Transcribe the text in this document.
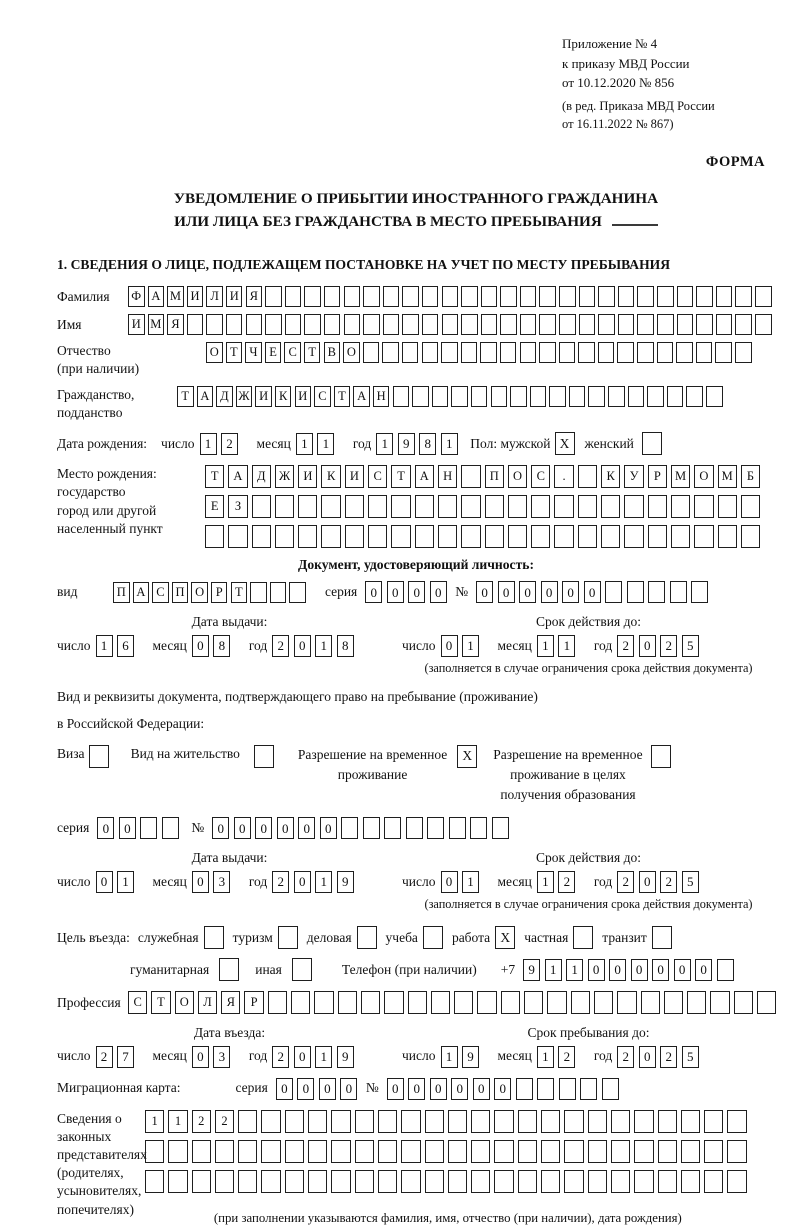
Приложение № 4
к приказу МВД России
от 10.12.2020 № 856
(в ред. Приказа МВД России
от 16.11.2022 № 867)
ФОРМА
УВЕДОМЛЕНИЕ О ПРИБЫТИИ ИНОСТРАННОГО ГРАЖДАНИНА
ИЛИ ЛИЦА БЕЗ ГРАЖДАНСТВА В МЕСТО ПРЕБЫВАНИЯ
1. СВЕДЕНИЯ О ЛИЦЕ, ПОДЛЕЖАЩЕМ ПОСТАНОВКЕ НА УЧЕТ ПО МЕСТУ ПРЕБЫВАНИЯ
Фамилия	Ф А М И Л И Я
Имя	И М Я
Отчество
(при наличии)
О Т Ч Е С Т В О
Гражданство,
подданство
Т А Д Ж И К И С Т А Н
Дата рождения: число 1	2	месяц 1	1	год 1	9	8	1	Пол: мужской X	женский
Место рождения:
государство
город или другой
населенный пункт
Т	А	Д	Ж	И	К	И	С	Т	А	Н	П	О	С	.	К	У	Р	М	О	М	Б
Е	З
Документ, удостоверяющий личность:
вид	П А С П О Р Т	серия	0	0	0	0	№	0	0	0	0	0	0
Дата выдачи:
число 1	6	месяц 0	8	год 2	0	1	8
Срок действия до:
число 0	1	месяц 1	1	год 2	0	2	5
(заполняется в случае ограничения срока действия документа)
Вид и реквизиты документа, подтверждающего право на пребывание (проживание)
в Российской Федерации:
Виза	Вид на жительство	Разрешение на временное
проживание
X	Разрешение на временное
проживание в целях
получения образования
серия	0	0	№	0	0	0	0	0	0
Дата выдачи:
число 0	1	месяц 0	3	год 2	0	1	9
Срок действия до:
число 0	1	месяц 1	2	год 2	0	2	5
(заполняется в случае ограничения срока действия документа)
Цель въезда: служебная	туризм	деловая	учеба	работа X	частная	транзит
гуманитарная	иная	Телефон (при наличии) +7	9	1	1	0	0	0	0	0	0
Профессия	С	Т	О	Л	Я	Р
Дата въезда:
число 2	7	месяц 0	3	год 2	0	1	9
Срок пребывания до:
число 1	9	месяц 1	2	год 2	0	2	5
Миграционная карта:	серия	0	0	0	0	№	0	0	0	0	0	0
Сведения о
законных
представителях
(родителях,
усыновителях,
попечителях)
1	1	2	2
(при заполнении указываются фамилия, имя, отчество (при наличии), дата рождения)
